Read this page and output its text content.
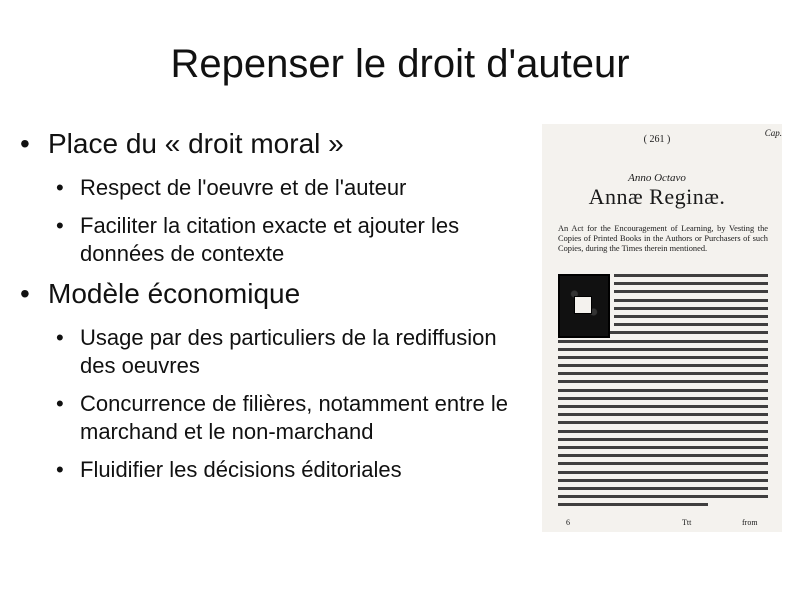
Repenser le droit d'auteur
• Place du « droit moral »
• Respect de l'oeuvre et de l'auteur
• Faciliter la citation exacte et ajouter les données de contexte
• Modèle économique
• Usage par des particuliers de la rediffusion des oeuvres
• Concurrence de filières, notamment entre le marchand et le non-marchand
• Fluidifier les décisions éditoriales
( 261 )
Cap.
Anno Octavo
Annæ Reginæ.
An Act for the Encouragement of Learning, by Vesting the Copies of Printed Books in the Authors or Purchasers of such Copies, during the Times therein mentioned.
6	Ttt	from
